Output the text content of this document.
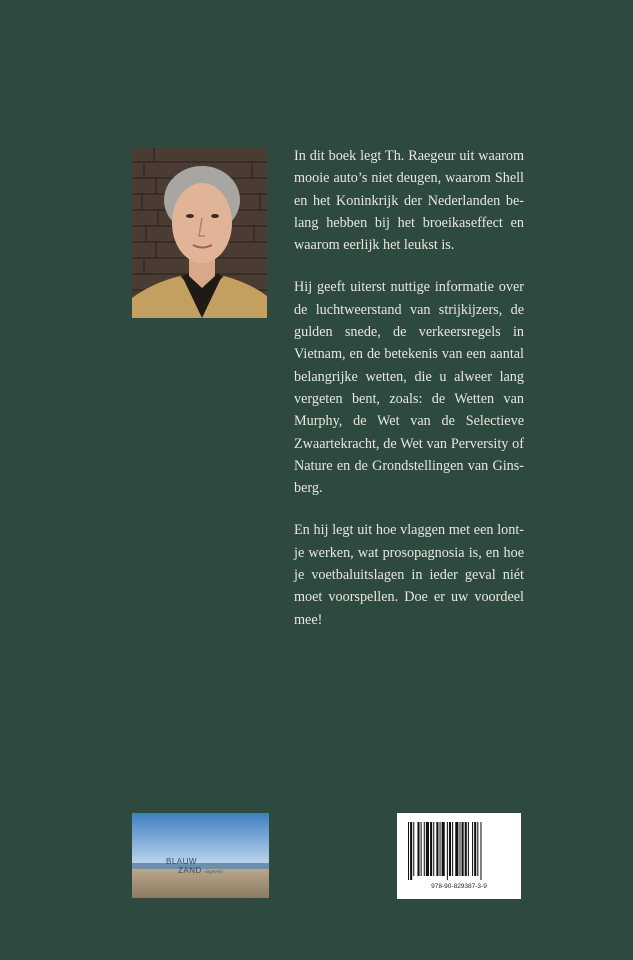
In dit boek legt Th. Raegeur uit waarom mooie auto’s niet deugen, waarom Shell en het Koninkrijk der Nederlanden belang hebben bij het broeikaseffect en waarom eerlijk het leukst is.

Hij geeft uiterst nuttige informatie over de luchtweerstand van strijkijzers, de gulden snede, de verkeersregels in Vietnam, en de betekenis van een aantal belangrijke wetten, die u alweer lang vergeten bent, zoals: de Wetten van Murphy, de Wet van de Selectieve Zwaartekracht, de Wet van Perversity of Nature en de Grondstellingen van Ginsberg.

En hij legt uit hoe vlaggen met een lontje werken, wat prosopagnosia is, en hoe je voetbaluitslagen in ieder geval niét moet voorspellen. Doe er uw voordeel mee!

BLAUW
ZAND uitgeverij
978-90-829387-3-9
